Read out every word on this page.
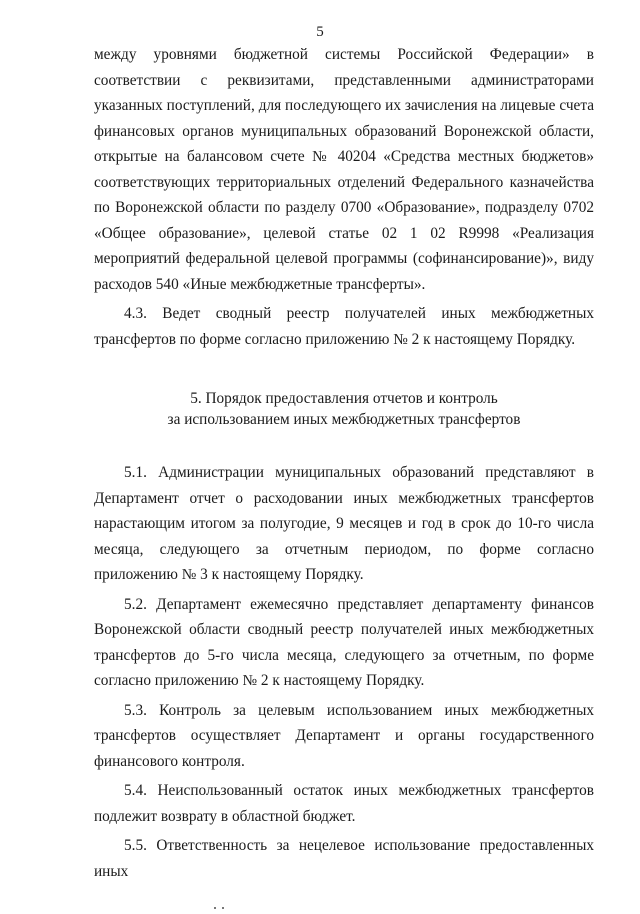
5

между уровнями бюджетной системы Российской Федерации» в соответствии с реквизитами, представленными администраторами указанных поступлений, для последующего их зачисления на лицевые счета финансовых органов муниципальных образований Воронежской области, открытые на балансовом счете № 40204 «Средства местных бюджетов» соответствующих территориальных отделений Федерального казначейства по Воронежской области по разделу 0700 «Образование», подразделу 0702 «Общее образование», целевой статье 02 1 02 R9998 «Реализация мероприятий федеральной целевой программы (софинансирование)», виду расходов 540 «Иные межбюджетные трансферты».

4.3. Ведет сводный реестр получателей иных межбюджетных трансфертов по форме согласно приложению № 2 к настоящему Порядку.

5. Порядок предоставления отчетов и контроль

за использованием иных межбюджетных трансфертов

5.1. Администрации муниципальных образований представляют в Департамент отчет о расходовании иных межбюджетных трансфертов нарастающим итогом за полугодие, 9 месяцев и год в срок до 10-го числа месяца, следующего за отчетным периодом, по форме согласно приложению № 3 к настоящему Порядку.

5.2. Департамент ежемесячно представляет департаменту финансов Воронежской области сводный реестр получателей иных межбюджетных трансфертов до 5-го числа месяца, следующего за отчетным, по форме согласно приложению № 2 к настоящему Порядку.

5.3. Контроль за целевым использованием иных межбюджетных трансфертов осуществляет Департамент и органы государственного финансового контроля.

5.4. Неиспользованный остаток иных межбюджетных трансфертов подлежит возврату в областной бюджет.

5.5. Ответственность за нецелевое использование предоставленных иных
